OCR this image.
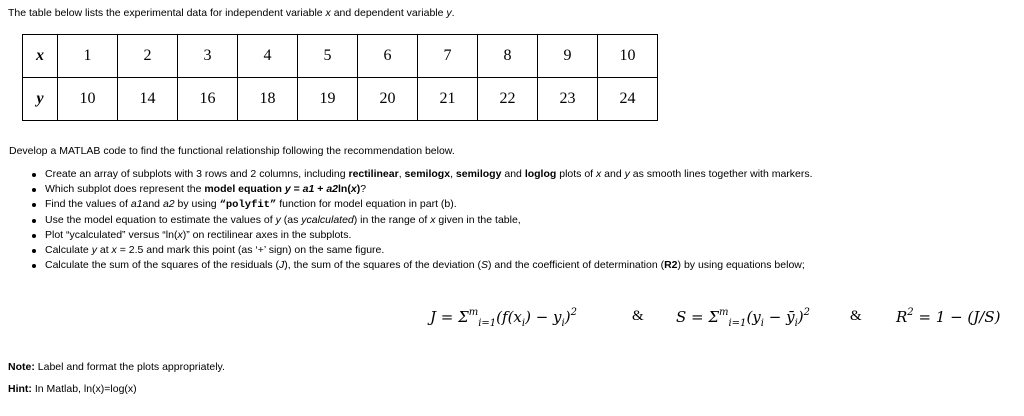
The table below lists the experimental data for independent variable x and dependent variable y.
x	1	2	3	4	5	6	7	8	9	10
y	10	14	16	18	19	20	21	22	23	24
Develop a MATLAB code to find the functional relationship following the recommendation below.
Create an array of subplots with 3 rows and 2 columns, including rectilinear, semilogx, semilogy and loglog plots of x and y as smooth lines together with markers.
Which subplot does represent the model equation y = a1 + a2ln(x)?
Find the values of a1and a2 by using “polyfit” function for model equation in part (b).
Use the model equation to estimate the values of y (as ycalculated) in the range of x given in the table,
Plot “ycalculated” versus “ln(x)” on rectilinear axes in the subplots.
Calculate y at x = 2.5 and mark this point (as ‘+’ sign) on the same figure.
Calculate the sum of the squares of the residuals (J), the sum of the squares of the deviation (S) and the coefficient of determination (R2) by using equations below;
$J = \Sigma^m_{i=1}(f(x_i) - y_i)^2$	& $S = \Sigma^m_{i=1}(y_i$ − $ȳ_i)^2$	& $R^2 = 1 - (J/S)$
Note: Label and format the plots appropriately.
Hint: In Matlab, ln(x)=log(x)
